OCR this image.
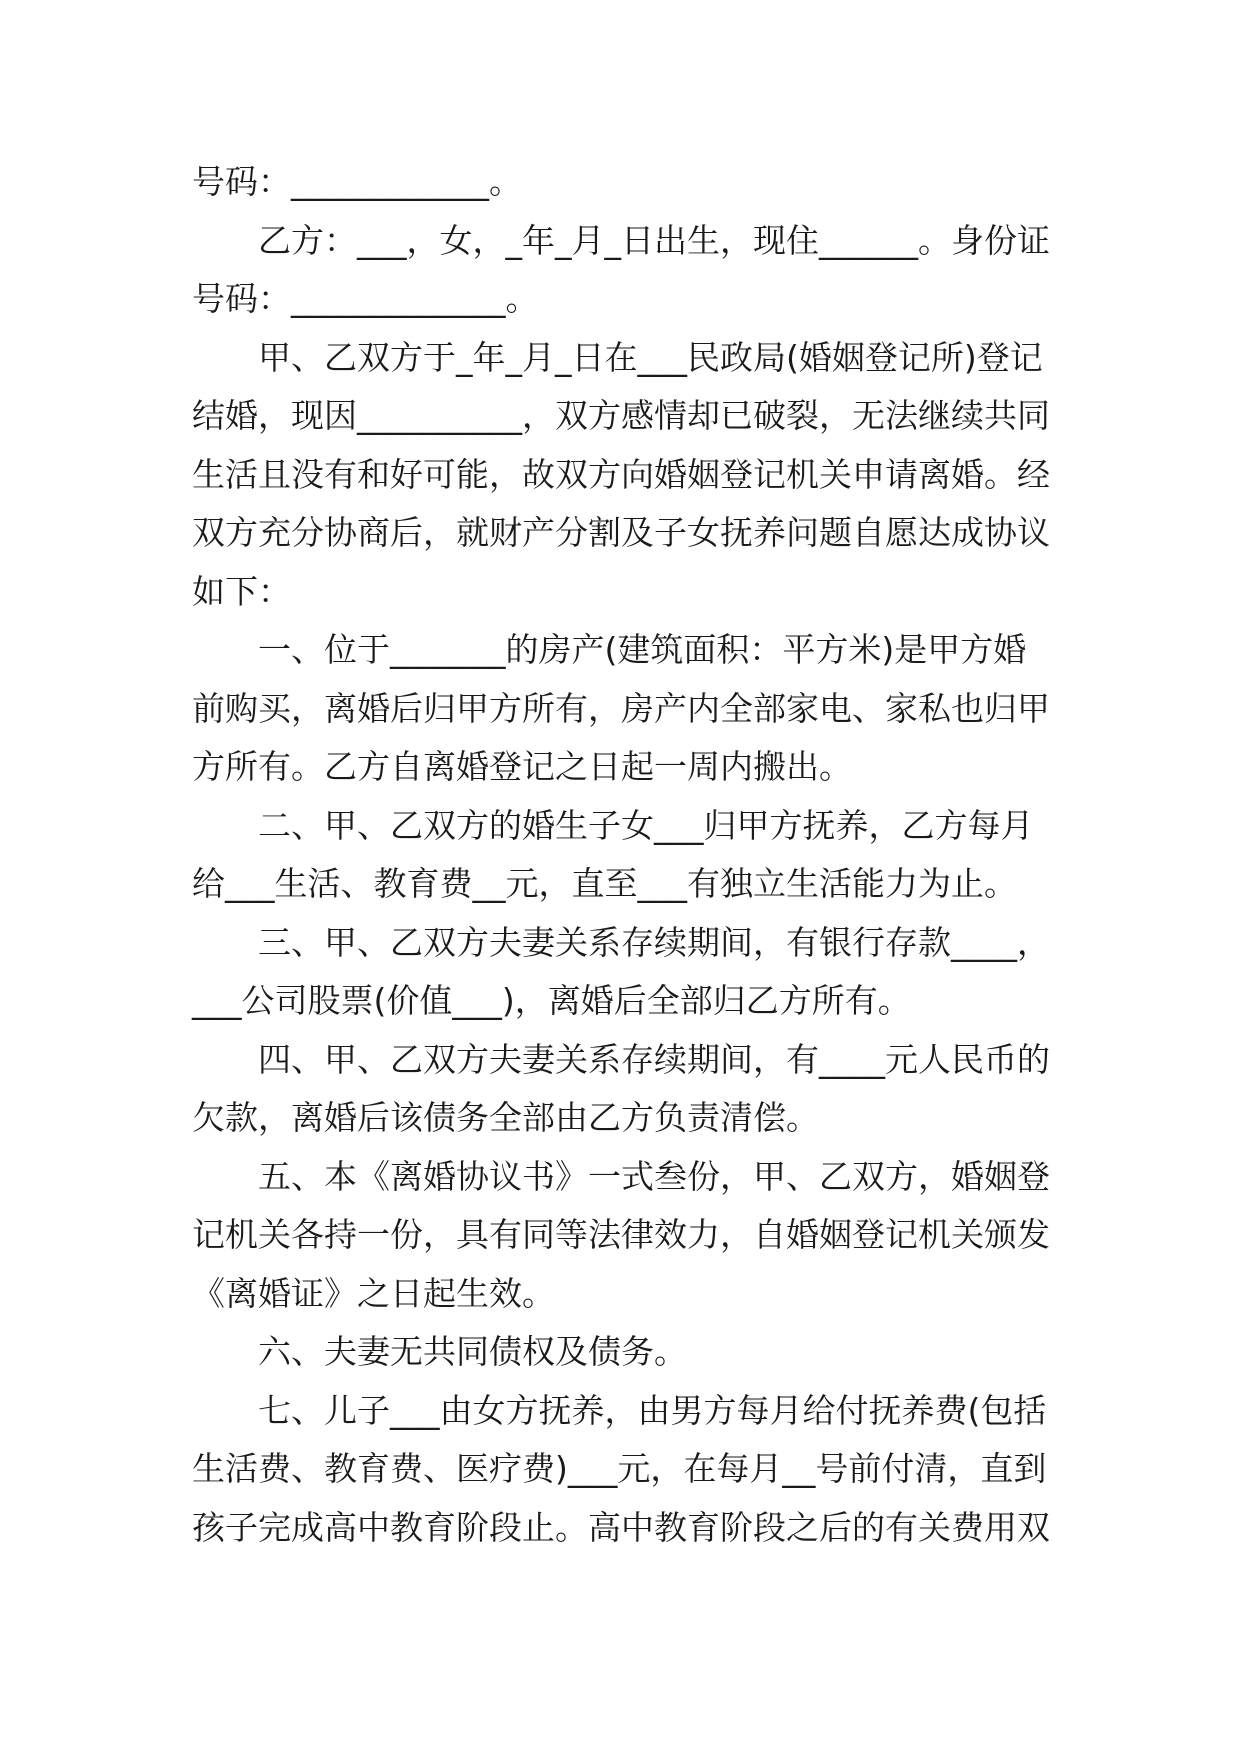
号码：____________。
乙方：___，女，_年_月_日出生，现住______。身份证
号码：_____________。
甲、乙双方于_年_月_日在___民政局(婚姻登记所)登记
结婚，现因__________，双方感情却已破裂，无法继续共同
生活且没有和好可能，故双方向婚姻登记机关申请离婚。经
双方充分协商后，就财产分割及子女抚养问题自愿达成协议
如下：
一、位于_______的房产(建筑面积：平方米)是甲方婚
前购买，离婚后归甲方所有，房产内全部家电、家私也归甲
方所有。乙方自离婚登记之日起一周内搬出。
二、甲、乙双方的婚生子女___归甲方抚养，乙方每月
给___生活、教育费__元，直至___有独立生活能力为止。
三、甲、乙双方夫妻关系存续期间，有银行存款____，
___公司股票(价值___)，离婚后全部归乙方所有。
四、甲、乙双方夫妻关系存续期间，有____元人民币的
欠款，离婚后该债务全部由乙方负责清偿。
五、本《离婚协议书》一式叁份，甲、乙双方，婚姻登
记机关各持一份，具有同等法律效力，自婚姻登记机关颁发
《离婚证》之日起生效。
六、夫妻无共同债权及债务。
七、儿子___由女方抚养，由男方每月给付抚养费(包括
生活费、教育费、医疗费)___元，在每月__号前付清，直到
孩子完成高中教育阶段止。高中教育阶段之后的有关费用双
